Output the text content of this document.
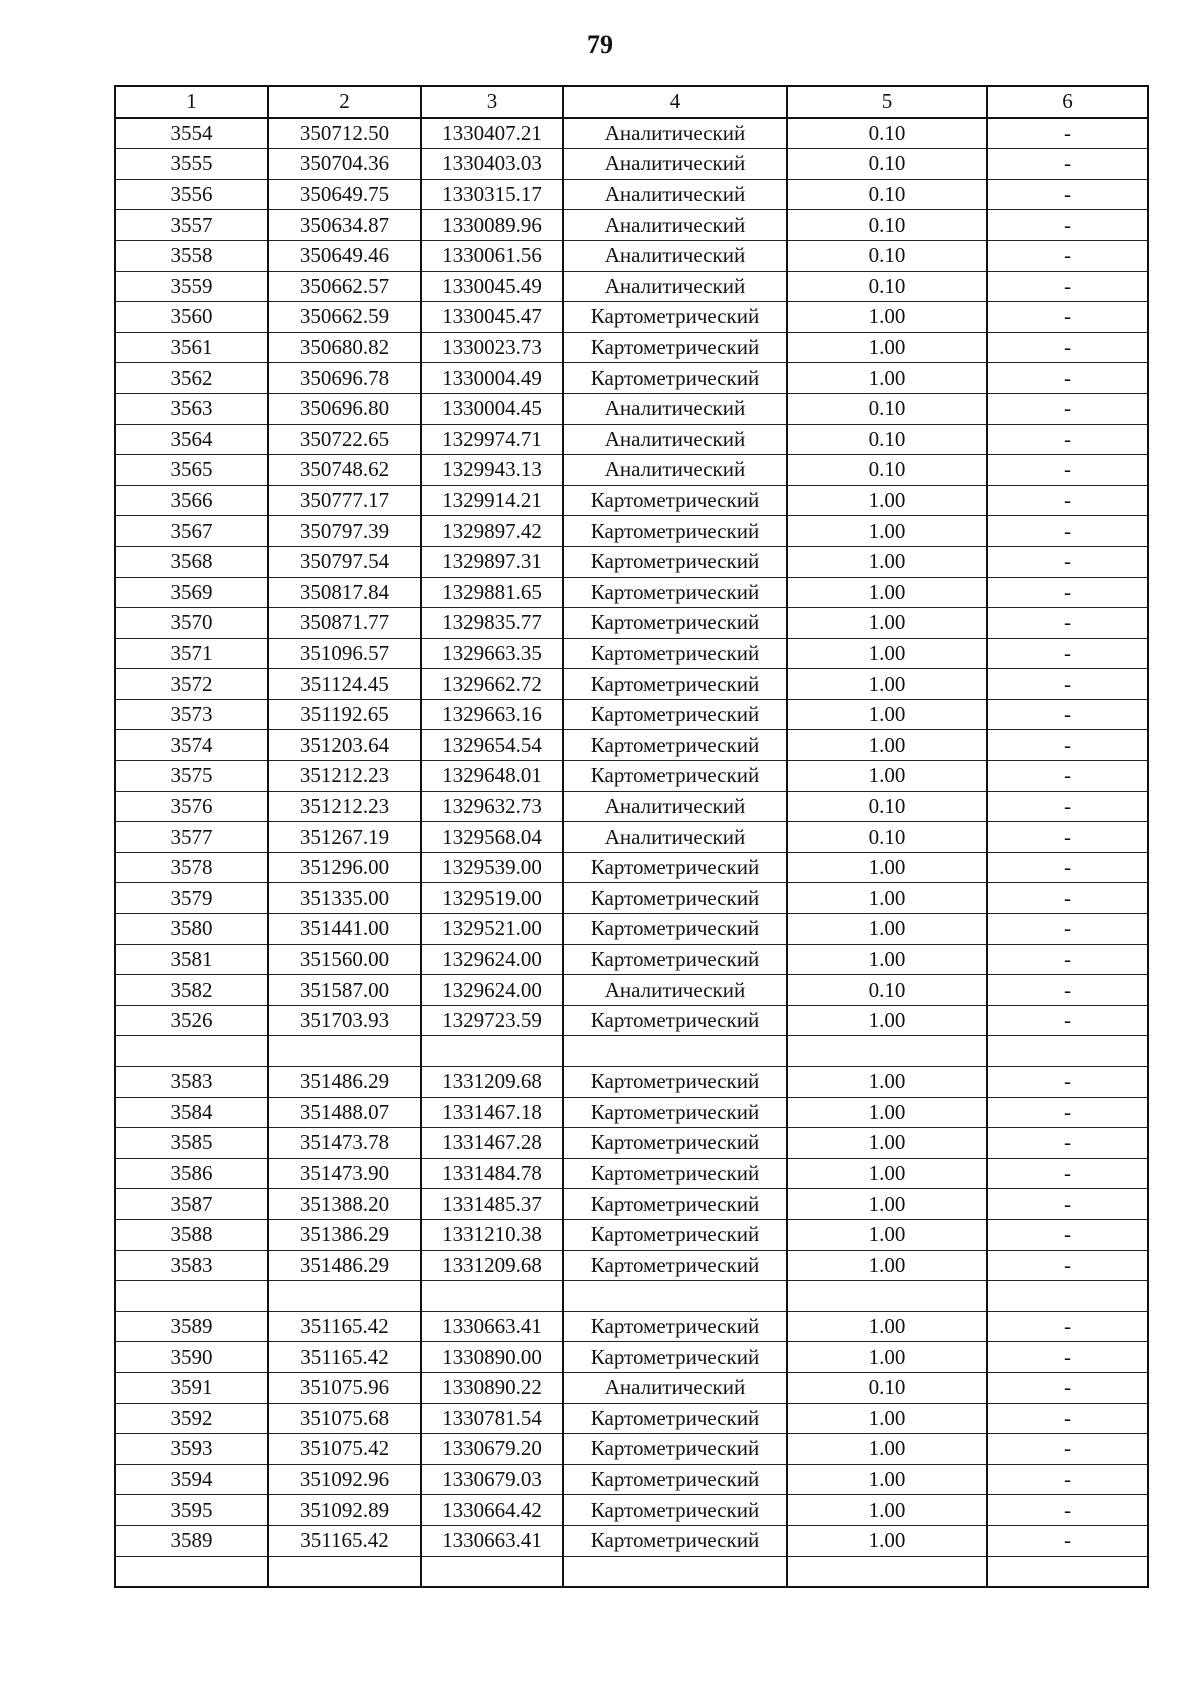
79
1	2	3	4	5	6
3554	350712.50	1330407.21	Аналитический	0.10	-
3555	350704.36	1330403.03	Аналитический	0.10	-
3556	350649.75	1330315.17	Аналитический	0.10	-
3557	350634.87	1330089.96	Аналитический	0.10	-
3558	350649.46	1330061.56	Аналитический	0.10	-
3559	350662.57	1330045.49	Аналитический	0.10	-
3560	350662.59	1330045.47	Картометрический	1.00	-
3561	350680.82	1330023.73	Картометрический	1.00	-
3562	350696.78	1330004.49	Картометрический	1.00	-
3563	350696.80	1330004.45	Аналитический	0.10	-
3564	350722.65	1329974.71	Аналитический	0.10	-
3565	350748.62	1329943.13	Аналитический	0.10	-
3566	350777.17	1329914.21	Картометрический	1.00	-
3567	350797.39	1329897.42	Картометрический	1.00	-
3568	350797.54	1329897.31	Картометрический	1.00	-
3569	350817.84	1329881.65	Картометрический	1.00	-
3570	350871.77	1329835.77	Картометрический	1.00	-
3571	351096.57	1329663.35	Картометрический	1.00	-
3572	351124.45	1329662.72	Картометрический	1.00	-
3573	351192.65	1329663.16	Картометрический	1.00	-
3574	351203.64	1329654.54	Картометрический	1.00	-
3575	351212.23	1329648.01	Картометрический	1.00	-
3576	351212.23	1329632.73	Аналитический	0.10	-
3577	351267.19	1329568.04	Аналитический	0.10	-
3578	351296.00	1329539.00	Картометрический	1.00	-
3579	351335.00	1329519.00	Картометрический	1.00	-
3580	351441.00	1329521.00	Картометрический	1.00	-
3581	351560.00	1329624.00	Картометрический	1.00	-
3582	351587.00	1329624.00	Аналитический	0.10	-
3526	351703.93	1329723.59	Картометрический	1.00	-

3583	351486.29	1331209.68	Картометрический	1.00	-
3584	351488.07	1331467.18	Картометрический	1.00	-
3585	351473.78	1331467.28	Картометрический	1.00	-
3586	351473.90	1331484.78	Картометрический	1.00	-
3587	351388.20	1331485.37	Картометрический	1.00	-
3588	351386.29	1331210.38	Картометрический	1.00	-
3583	351486.29	1331209.68	Картометрический	1.00	-

3589	351165.42	1330663.41	Картометрический	1.00	-
3590	351165.42	1330890.00	Картометрический	1.00	-
3591	351075.96	1330890.22	Аналитический	0.10	-
3592	351075.68	1330781.54	Картометрический	1.00	-
3593	351075.42	1330679.20	Картометрический	1.00	-
3594	351092.96	1330679.03	Картометрический	1.00	-
3595	351092.89	1330664.42	Картометрический	1.00	-
3589	351165.42	1330663.41	Картометрический	1.00	-
